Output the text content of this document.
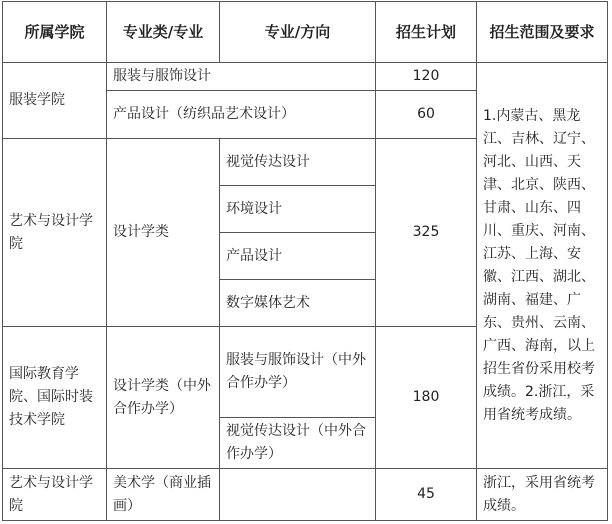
所属学院	专业类/专业	专业/方向	招生计划	招生范围及要求
服装学院	服装与服饰设计		120	1.内蒙古、黑龙江、吉林、辽宁、河北、山西、天津、北京、陕西、甘肃、山东、四川、重庆、河南、江苏、上海、安徽、江西、湖北、湖南、福建、广东、贵州、云南、广西、海南，以上招生省份采用校考成绩。2.浙江，采用省统考成绩。
	产品设计（纺织品艺术设计）		60	
艺术与设计学院	设计学类	视觉传达设计	325	
		环境设计		
		产品设计		
		数字媒体艺术		
国际教育学院、国际时装技术学院	设计学类（中外合作办学）	服装与服饰设计（中外合作办学）	180	
		视觉传达设计（中外合作办学）		
艺术与设计学院	美术学（商业插画）		45	浙江，采用省统考成绩。
